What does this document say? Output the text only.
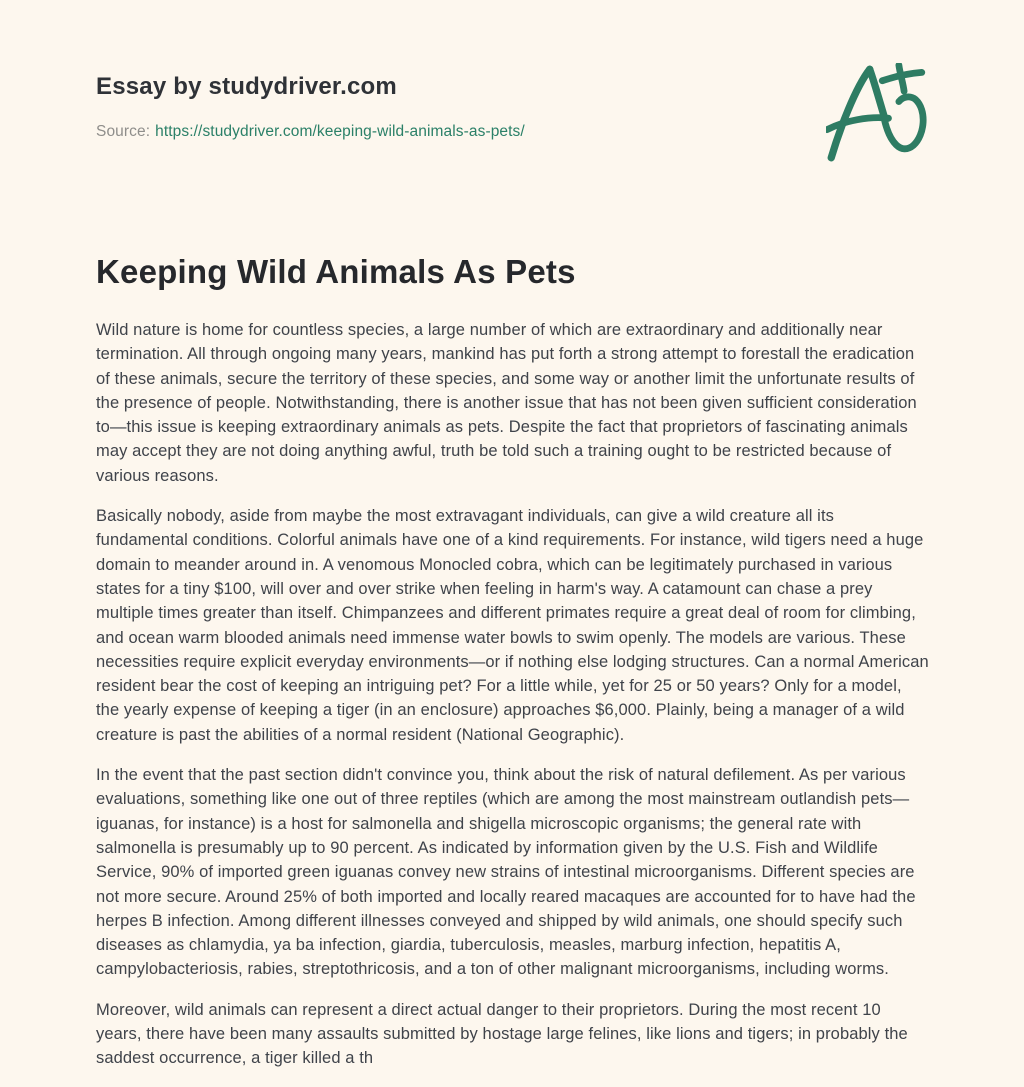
Essay by studydriver.com
Source: https://studydriver.com/keeping-wild-animals-as-pets/
Keeping Wild Animals As Pets

Wild nature is home for countless species, a large number of which are extraordinary and additionally near termination. All through ongoing many years, mankind has put forth a strong attempt to forestall the eradication of these animals, secure the territory of these species, and some way or another limit the unfortunate results of the presence of people. Notwithstanding, there is another issue that has not been given sufficient consideration to—this issue is keeping extraordinary animals as pets. Despite the fact that proprietors of fascinating animals may accept they are not doing anything awful, truth be told such a training ought to be restricted because of various reasons.

Basically nobody, aside from maybe the most extravagant individuals, can give a wild creature all its fundamental conditions. Colorful animals have one of a kind requirements. For instance, wild tigers need a huge domain to meander around in. A venomous Monocled cobra, which can be legitimately purchased in various states for a tiny $100, will over and over strike when feeling in harm's way. A catamount can chase a prey multiple times greater than itself. Chimpanzees and different primates require a great deal of room for climbing, and ocean warm blooded animals need immense water bowls to swim openly. The models are various. These necessities require explicit everyday environments—or if nothing else lodging structures. Can a normal American resident bear the cost of keeping an intriguing pet? For a little while, yet for 25 or 50 years? Only for a model, the yearly expense of keeping a tiger (in an enclosure) approaches $6,000. Plainly, being a manager of a wild creature is past the abilities of a normal resident (National Geographic).

In the event that the past section didn't convince you, think about the risk of natural defilement. As per various evaluations, something like one out of three reptiles (which are among the most mainstream outlandish pets—iguanas, for instance) is a host for salmonella and shigella microscopic organisms; the general rate with salmonella is presumably up to 90 percent. As indicated by information given by the U.S. Fish and Wildlife Service, 90% of imported green iguanas convey new strains of intestinal microorganisms. Different species are not more secure. Around 25% of both imported and locally reared macaques are accounted for to have had the herpes B infection. Among different illnesses conveyed and shipped by wild animals, one should specify such diseases as chlamydia, ya ba infection, giardia, tuberculosis, measles, marburg infection, hepatitis A, campylobacteriosis, rabies, streptothricosis, and a ton of other malignant microorganisms, including worms.

Moreover, wild animals can represent a direct actual danger to their proprietors. During the most recent 10 years, there have been many assaults submitted by hostage large felines, like lions and tigers; in probably the saddest occurrence, a tiger killed a th
